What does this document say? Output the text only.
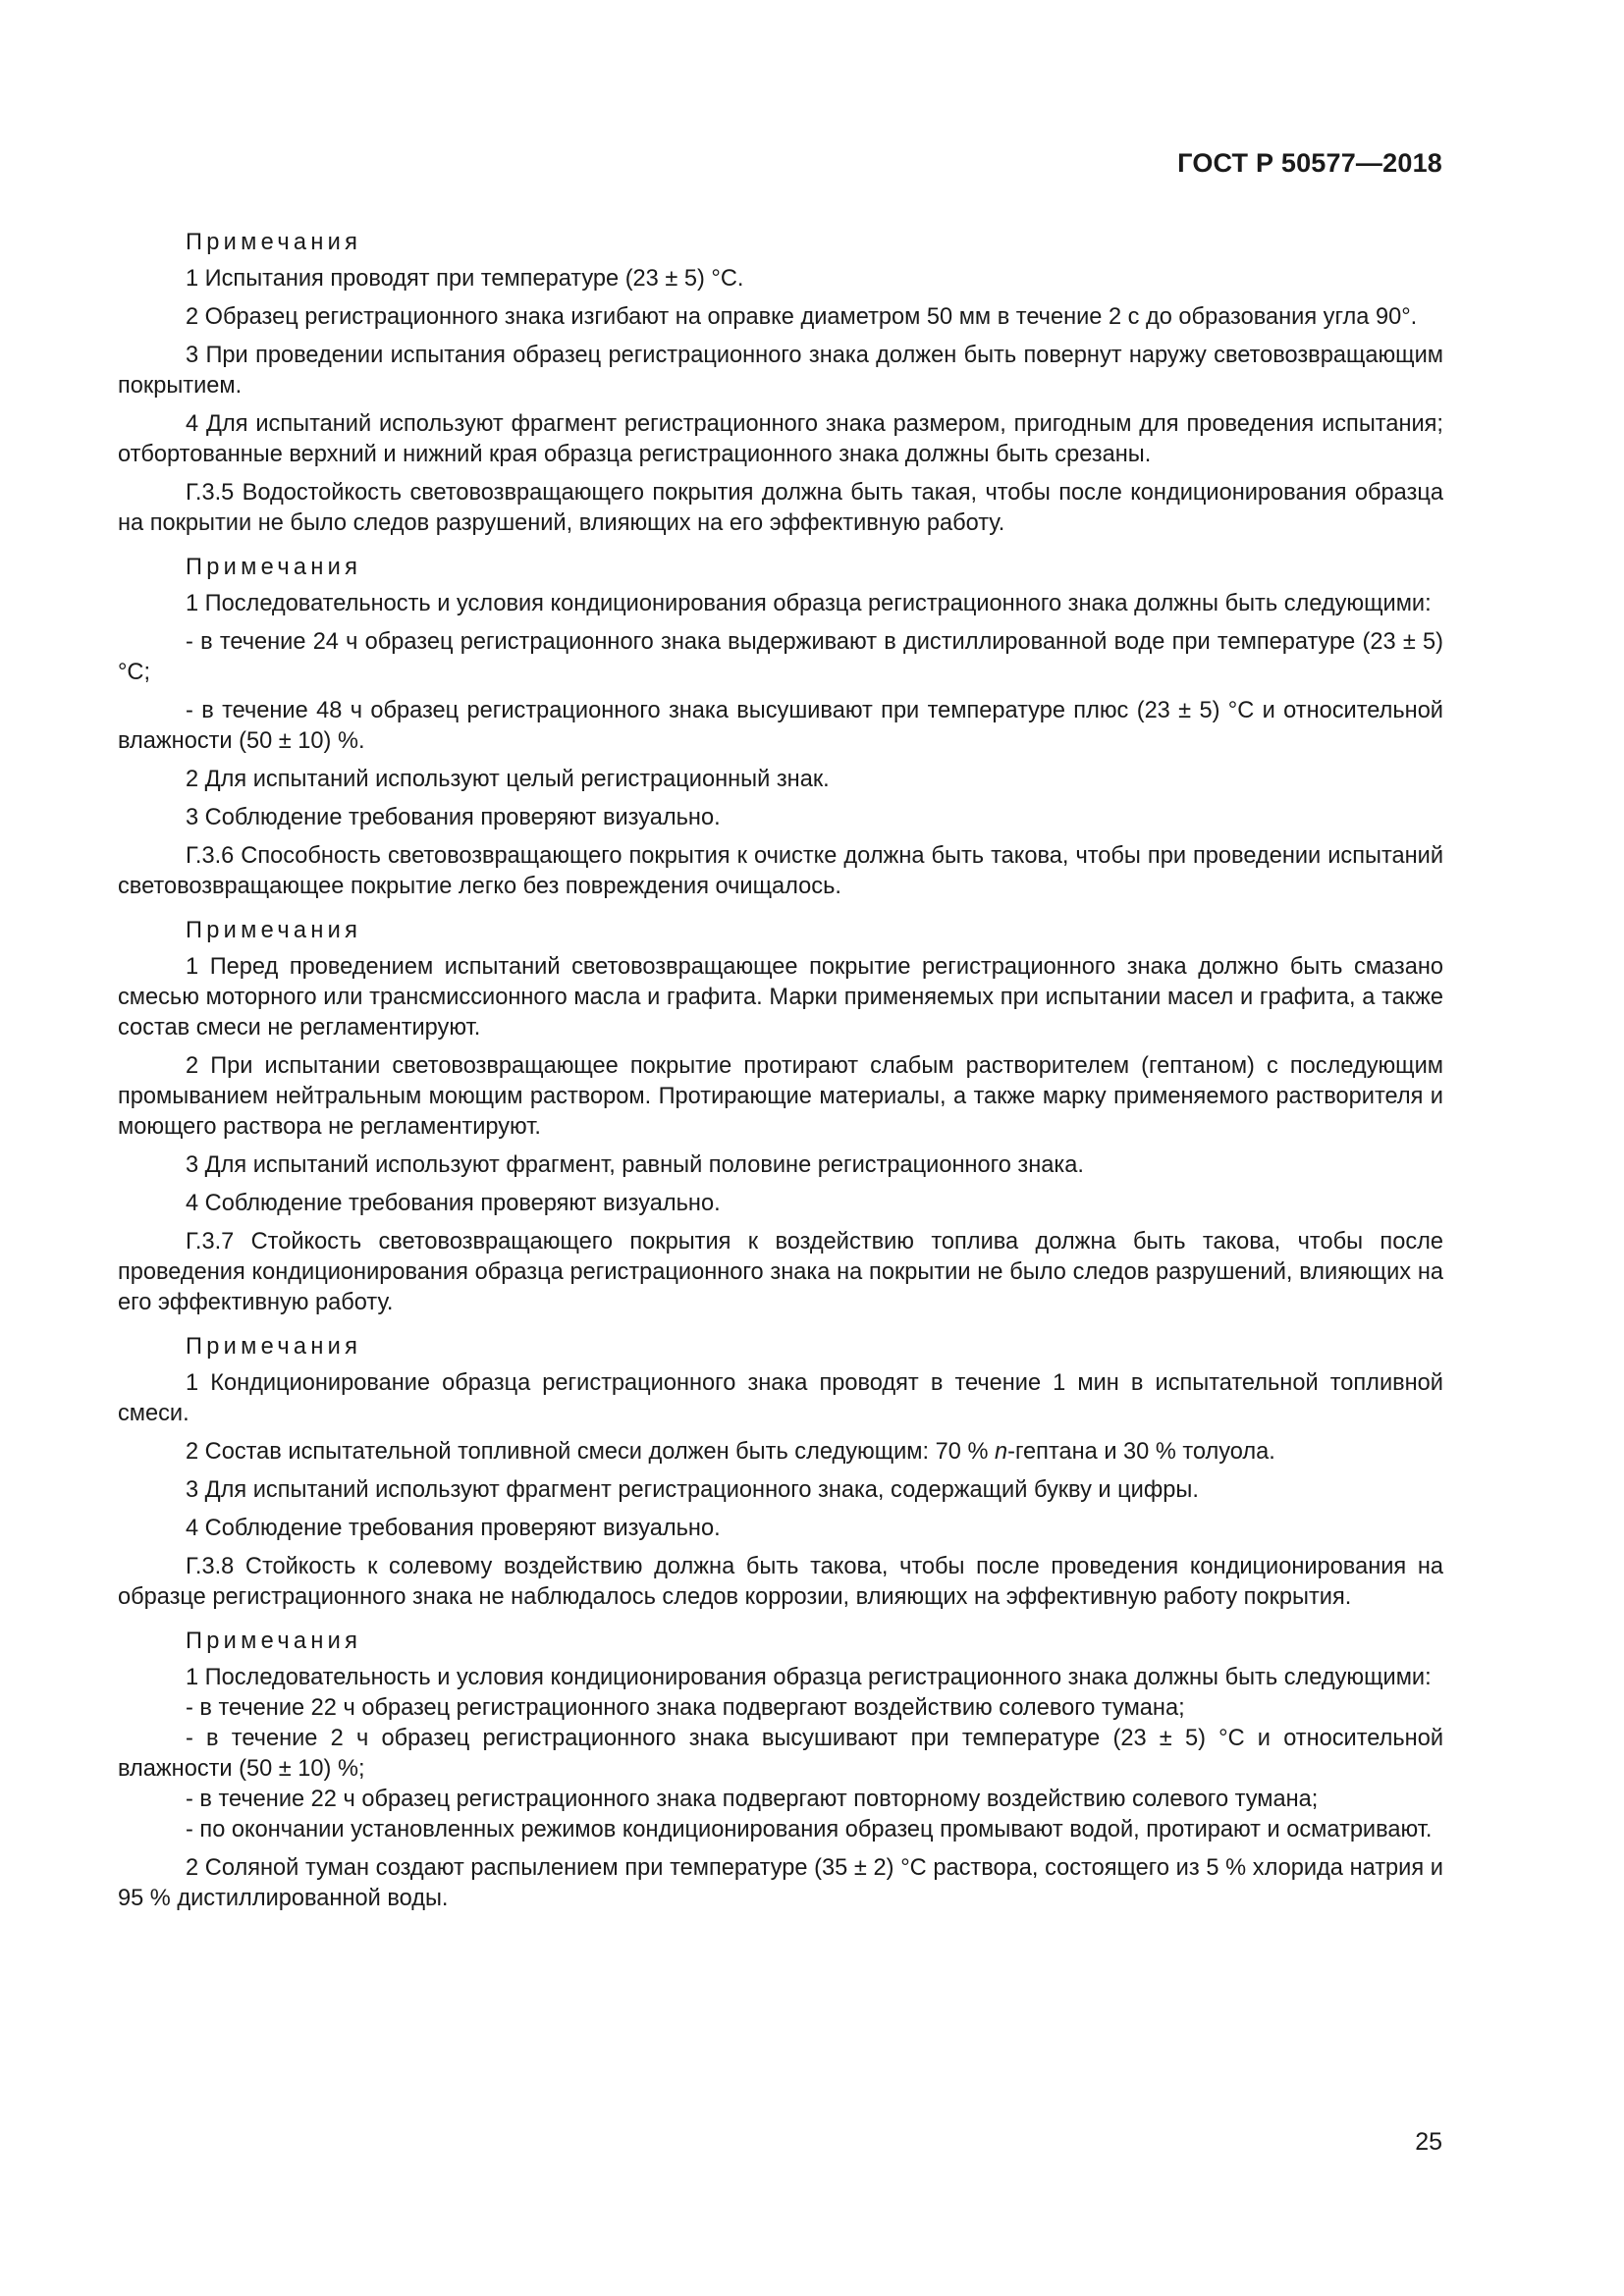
ГОСТ Р 50577—2018

Примечания

1 Испытания проводят при температуре (23 ± 5) °C.

2 Образец регистрационного знака изгибают на оправке диаметром 50 мм в течение 2 с до образования угла 90°.

3 При проведении испытания образец регистрационного знака должен быть повернут наружу световозвращающим покрытием.

4 Для испытаний используют фрагмент регистрационного знака размером, пригодным для проведения испытания; отбортованные верхний и нижний края образца регистрационного знака должны быть срезаны.

Г.3.5 Водостойкость световозвращающего покрытия должна быть такая, чтобы после кондиционирования образца на покрытии не было следов разрушений, влияющих на его эффективную работу.

Примечания

1 Последовательность и условия кондиционирования образца регистрационного знака должны быть следующими:

- в течение 24 ч образец регистрационного знака выдерживают в дистиллированной воде при температуре (23 ± 5) °C;

- в течение 48 ч образец регистрационного знака высушивают при температуре плюс (23 ± 5) °C и относительной влажности (50 ± 10) %.

2 Для испытаний используют целый регистрационный знак.

3 Соблюдение требования проверяют визуально.

Г.3.6 Способность световозвращающего покрытия к очистке должна быть такова, чтобы при проведении испытаний световозвращающее покрытие легко без повреждения очищалось.

Примечания

1 Перед проведением испытаний световозвращающее покрытие регистрационного знака должно быть смазано смесью моторного или трансмиссионного масла и графита. Марки применяемых при испытании масел и графита, а также состав смеси не регламентируют.

2 При испытании световозвращающее покрытие протирают слабым растворителем (гептаном) с последующим промыванием нейтральным моющим раствором. Протирающие материалы, а также марку применяемого растворителя и моющего раствора не регламентируют.

3 Для испытаний используют фрагмент, равный половине регистрационного знака.

4 Соблюдение требования проверяют визуально.

Г.3.7 Стойкость световозвращающего покрытия к воздействию топлива должна быть такова, чтобы после проведения кондиционирования образца регистрационного знака на покрытии не было следов разрушений, влияющих на его эффективную работу.

Примечания

1 Кондиционирование образца регистрационного знака проводят в течение 1 мин в испытательной топливной смеси.

2 Состав испытательной топливной смеси должен быть следующим: 70 % n-гептана и 30 % толуола.

3 Для испытаний используют фрагмент регистрационного знака, содержащий букву и цифры.

4 Соблюдение требования проверяют визуально.

Г.3.8 Стойкость к солевому воздействию должна быть такова, чтобы после проведения кондиционирования на образце регистрационного знака не наблюдалось следов коррозии, влияющих на эффективную работу покрытия.

Примечания

1 Последовательность и условия кондиционирования образца регистрационного знака должны быть следующими:

- в течение 22 ч образец регистрационного знака подвергают воздействию солевого тумана;

- в течение 2 ч образец регистрационного знака высушивают при температуре (23 ± 5) °C и относительной влажности (50 ± 10) %;

- в течение 22 ч образец регистрационного знака подвергают повторному воздействию солевого тумана;

- по окончании установленных режимов кондиционирования образец промывают водой, протирают и осматривают.

2 Соляной туман создают распылением при температуре (35 ± 2) °C раствора, состоящего из 5 % хлорида натрия и 95 % дистиллированной воды.

25
